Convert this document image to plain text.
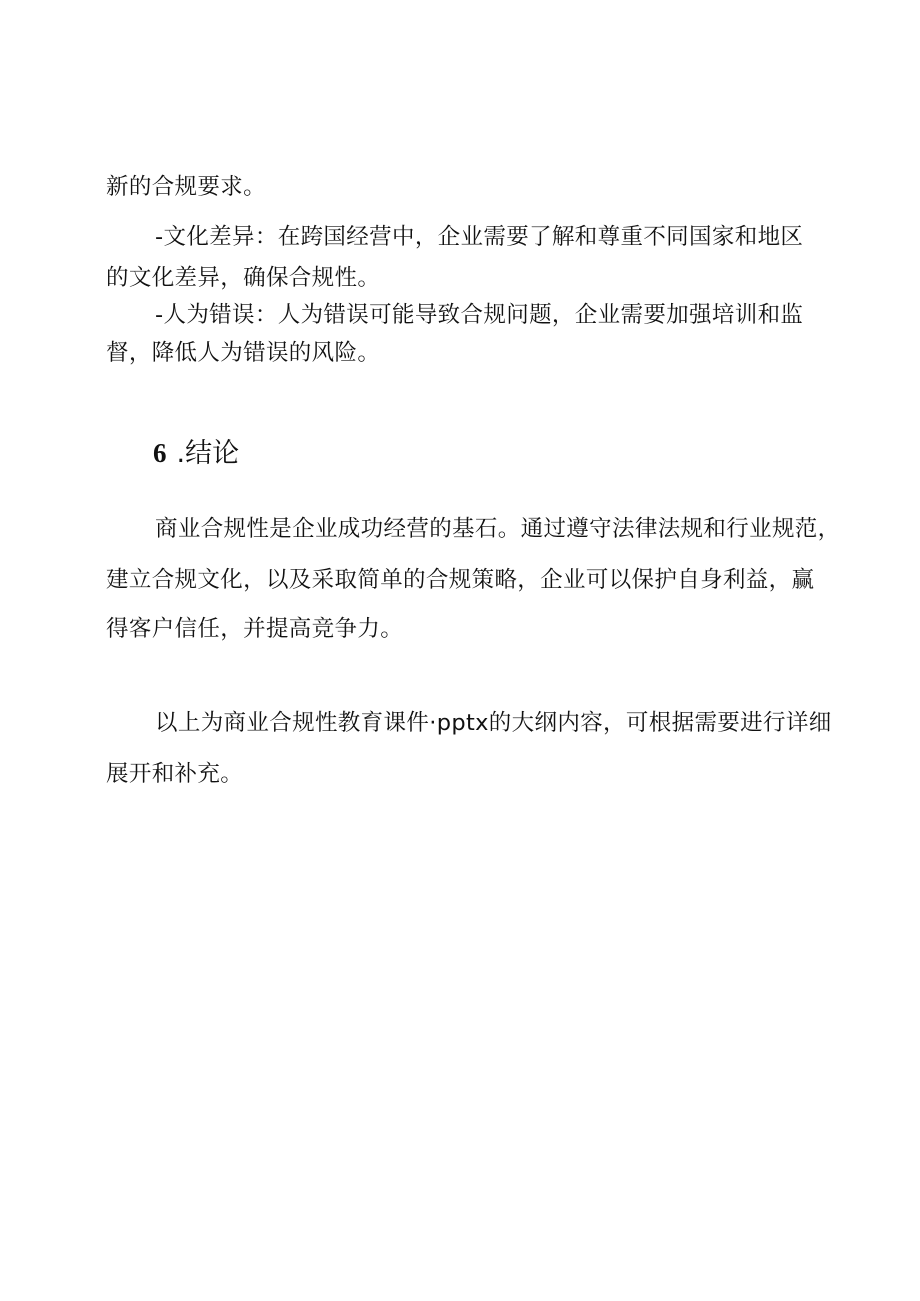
新的合规要求。
-文化差异：在跨国经营中，企业需要了解和尊重不同国家和地区
的文化差异，确保合规性。
-人为错误：人为错误可能导致合规问题，企业需要加强培训和监
督，降低人为错误的风险。
6 .结论
商业合规性是企业成功经营的基石。通过遵守法律法规和行业规范，
建立合规文化，以及采取简单的合规策略，企业可以保护自身利益，赢
得客户信任，并提高竞争力。
以上为商业合规性教育课件·pptx的大纲内容，可根据需要进行详细
展开和补充。
